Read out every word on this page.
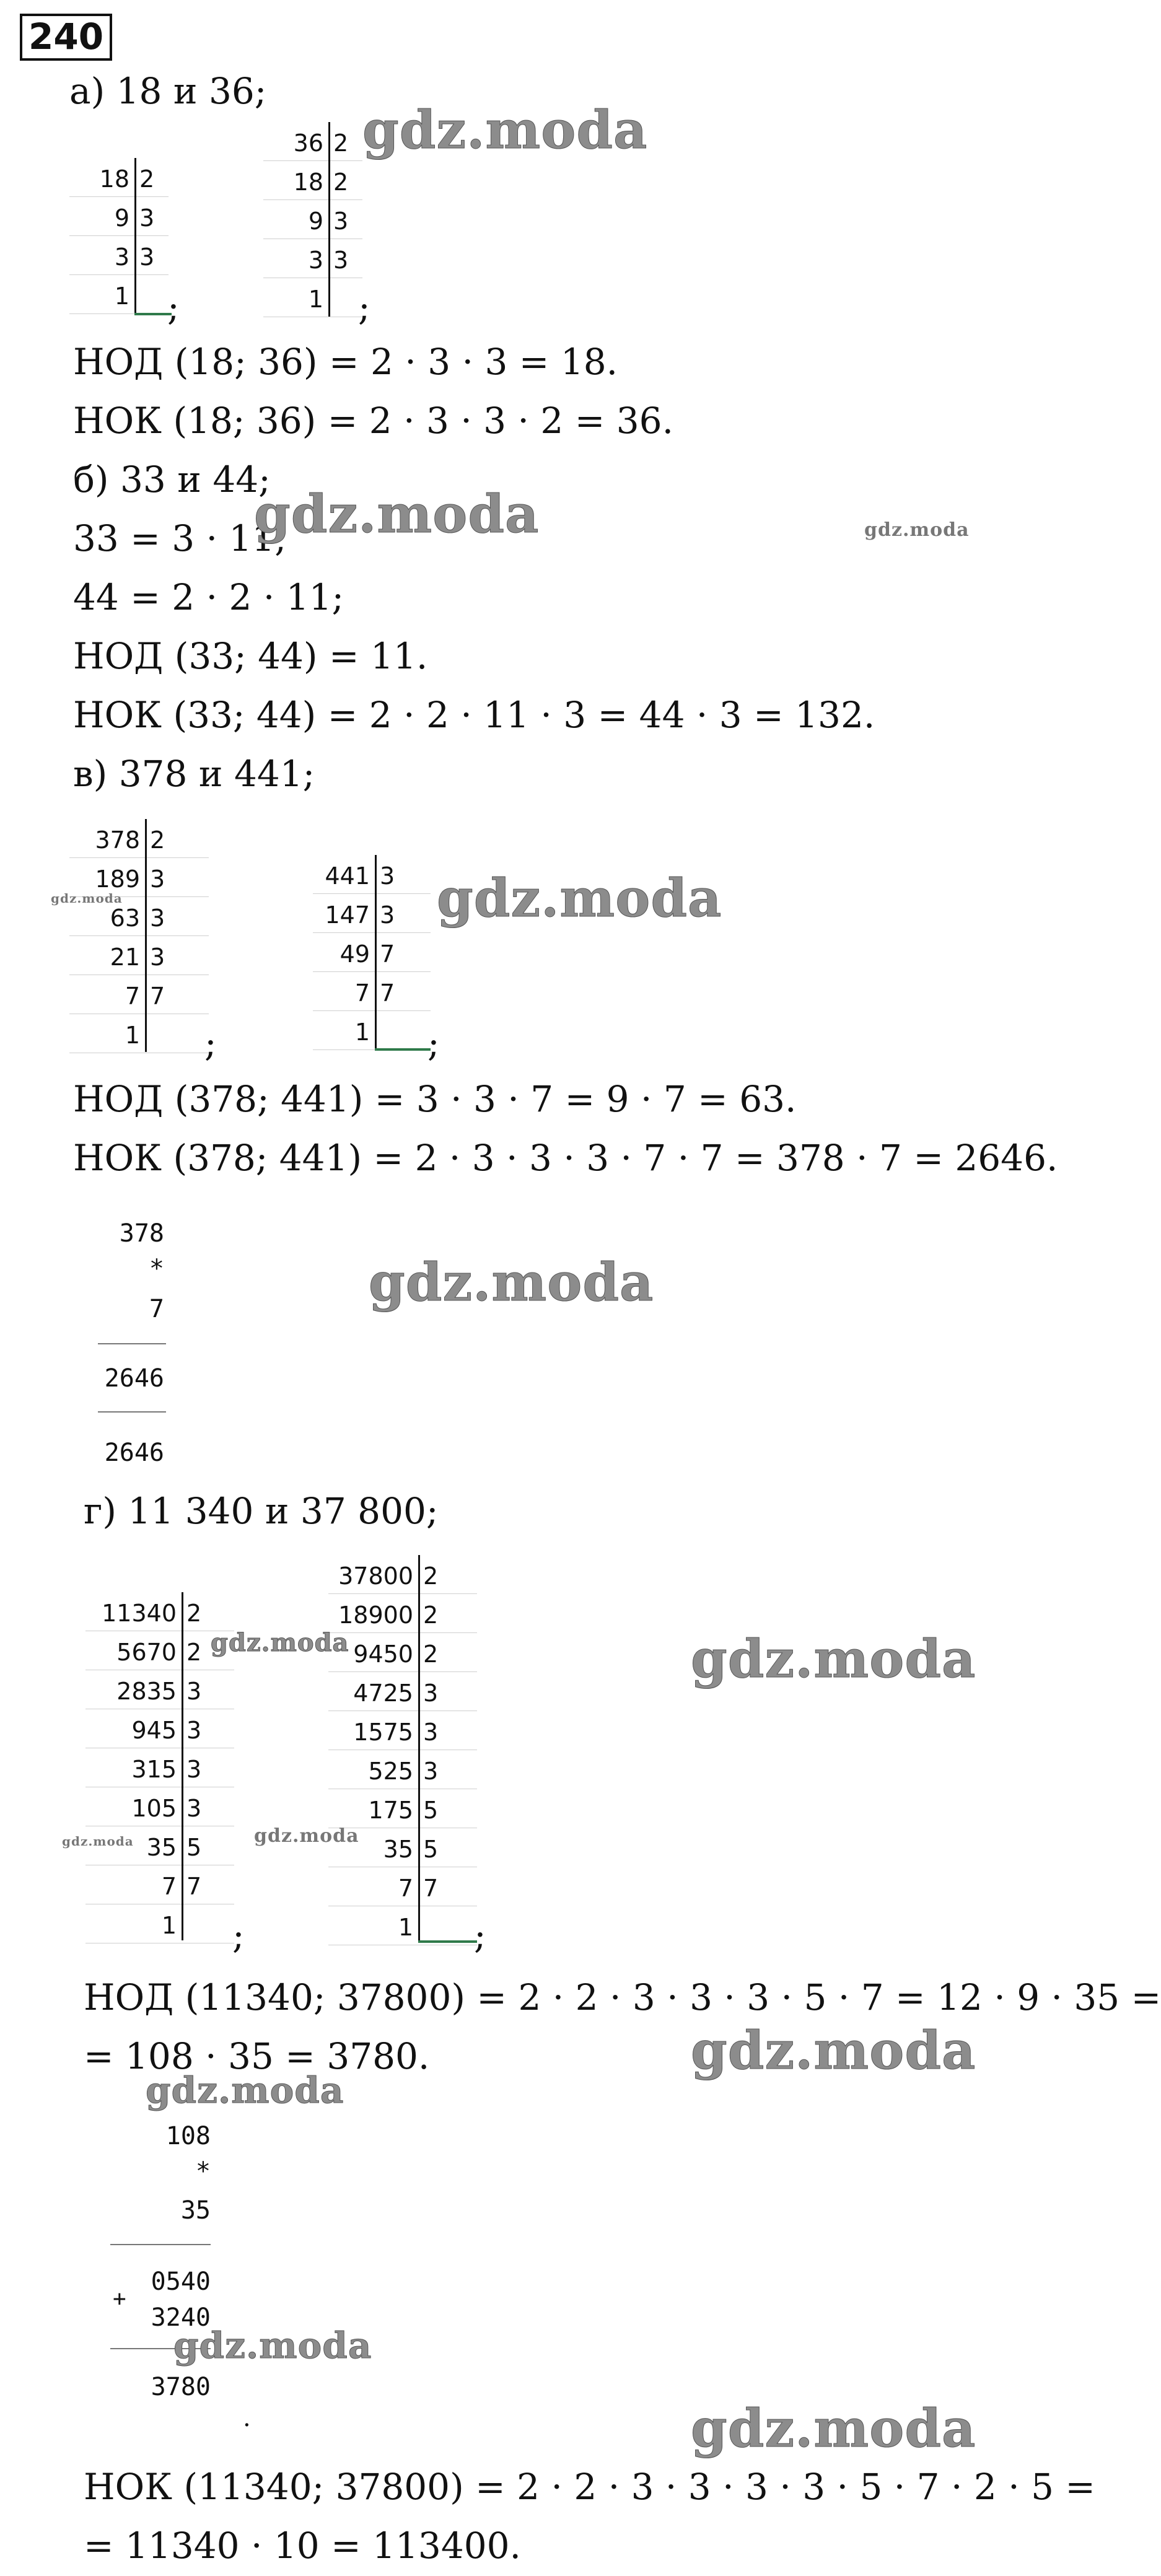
240
а) 18 и 36;
18 2
9 3
3 3
1
36 2
18 2
9 3
3 3
1
;	;
НОД (18; 36) = 2 · 3 · 3 = 18.
НОК (18; 36) = 2 · 3 · 3 · 2 = 36.
б) 33 и 44;
33 = 3 · 11;
44 = 2 · 2 · 11;
НОД (33; 44) = 11.
НОК (33; 44) = 2 · 2 · 11 · 3 = 44 · 3 = 132.
в) 378 и 441;
378 2
189 3
63 3
21 3
7 7
1
441 3
147 3
49 7
7 7
1
;	;
НОД (378; 441) = 3 · 3 · 7 = 9 · 7 = 63.
НОК (378; 441) = 2 · 3 · 3 · 3 · 7 · 7 = 378 · 7 = 2646.
378
*
7
2646
2646
г) 11 340 и 37 800;
11340 2
5670 2
2835 3
945 3
315 3
105 3
35 5
7 7
1
37800 2
18900 2
9450 2
4725 3
1575 3
525 3
175 5
35 5
7 7
1
;	;
НОД (11340; 37800) = 2 · 2 · 3 · 3 · 3 · 5 · 7 = 12 · 9 · 35 =
= 108 · 35 = 3780.
108
*
35
+
0540
3240
3780
.
НОК (11340; 37800) = 2 · 2 · 3 · 3 · 3 · 3 · 5 · 7 · 2 · 5 =
= 11340 · 10 = 113400.
gdz.moda
gdz.moda	gdz.moda
gdz.moda	gdz.moda
gdz.moda
gdz.moda	gdz.moda
gdz.moda
gdz.moda
gdz.moda
gdz.moda
gdz.moda
gdz.moda
